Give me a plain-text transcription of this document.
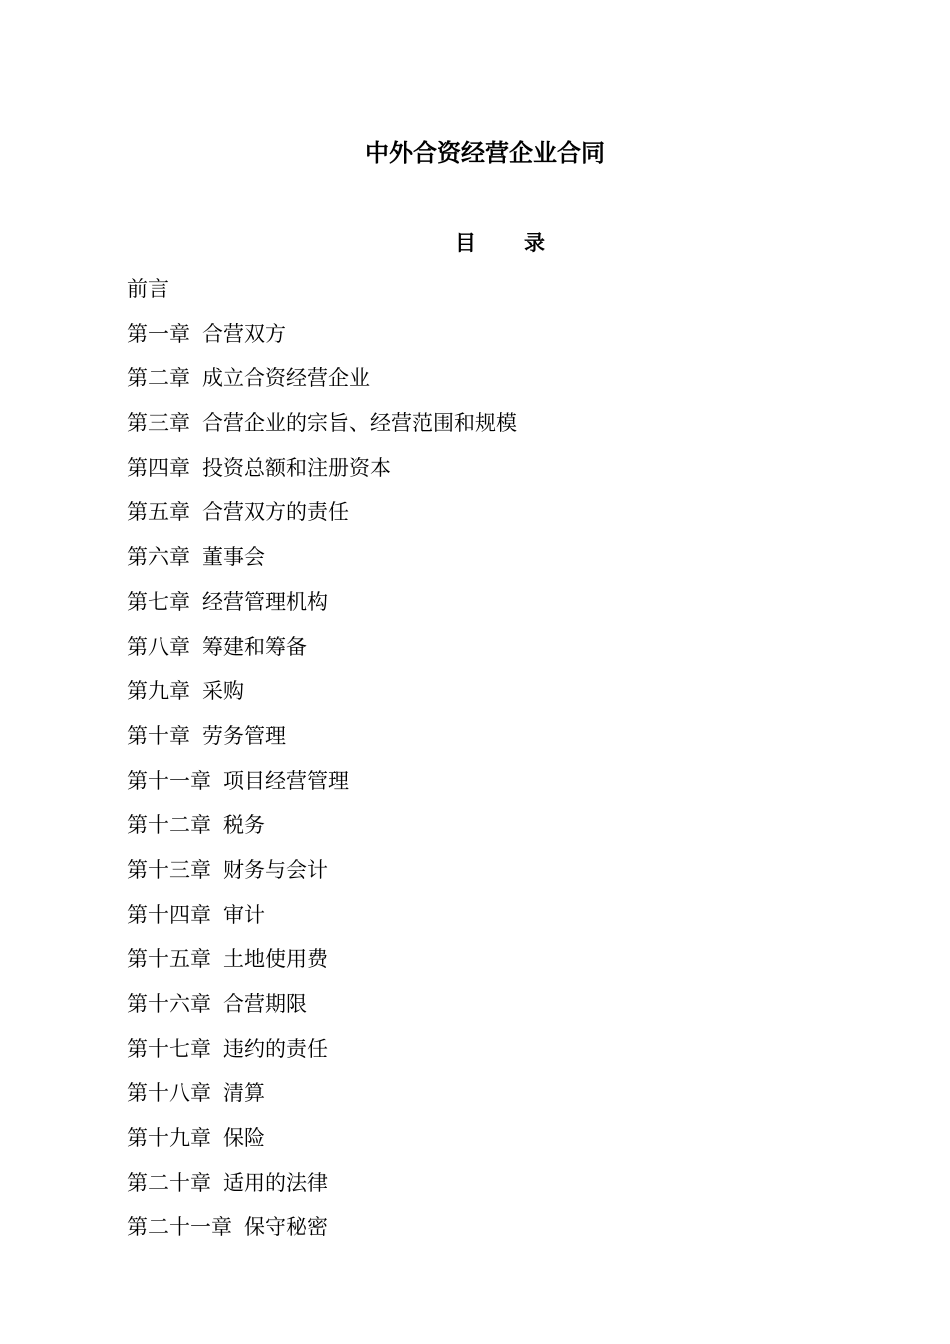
中外合资经营企业合同
目 录
前言
第一章 合营双方
第二章 成立合资经营企业
第三章 合营企业的宗旨、经营范围和规模
第四章 投资总额和注册资本
第五章 合营双方的责任
第六章 董事会
第七章 经营管理机构
第八章 筹建和筹备
第九章 采购
第十章 劳务管理
第十一章 项目经营管理
第十二章 税务
第十三章 财务与会计
第十四章 审计
第十五章 土地使用费
第十六章 合营期限
第十七章 违约的责任
第十八章 清算
第十九章 保险
第二十章 适用的法律
第二十一章 保守秘密
